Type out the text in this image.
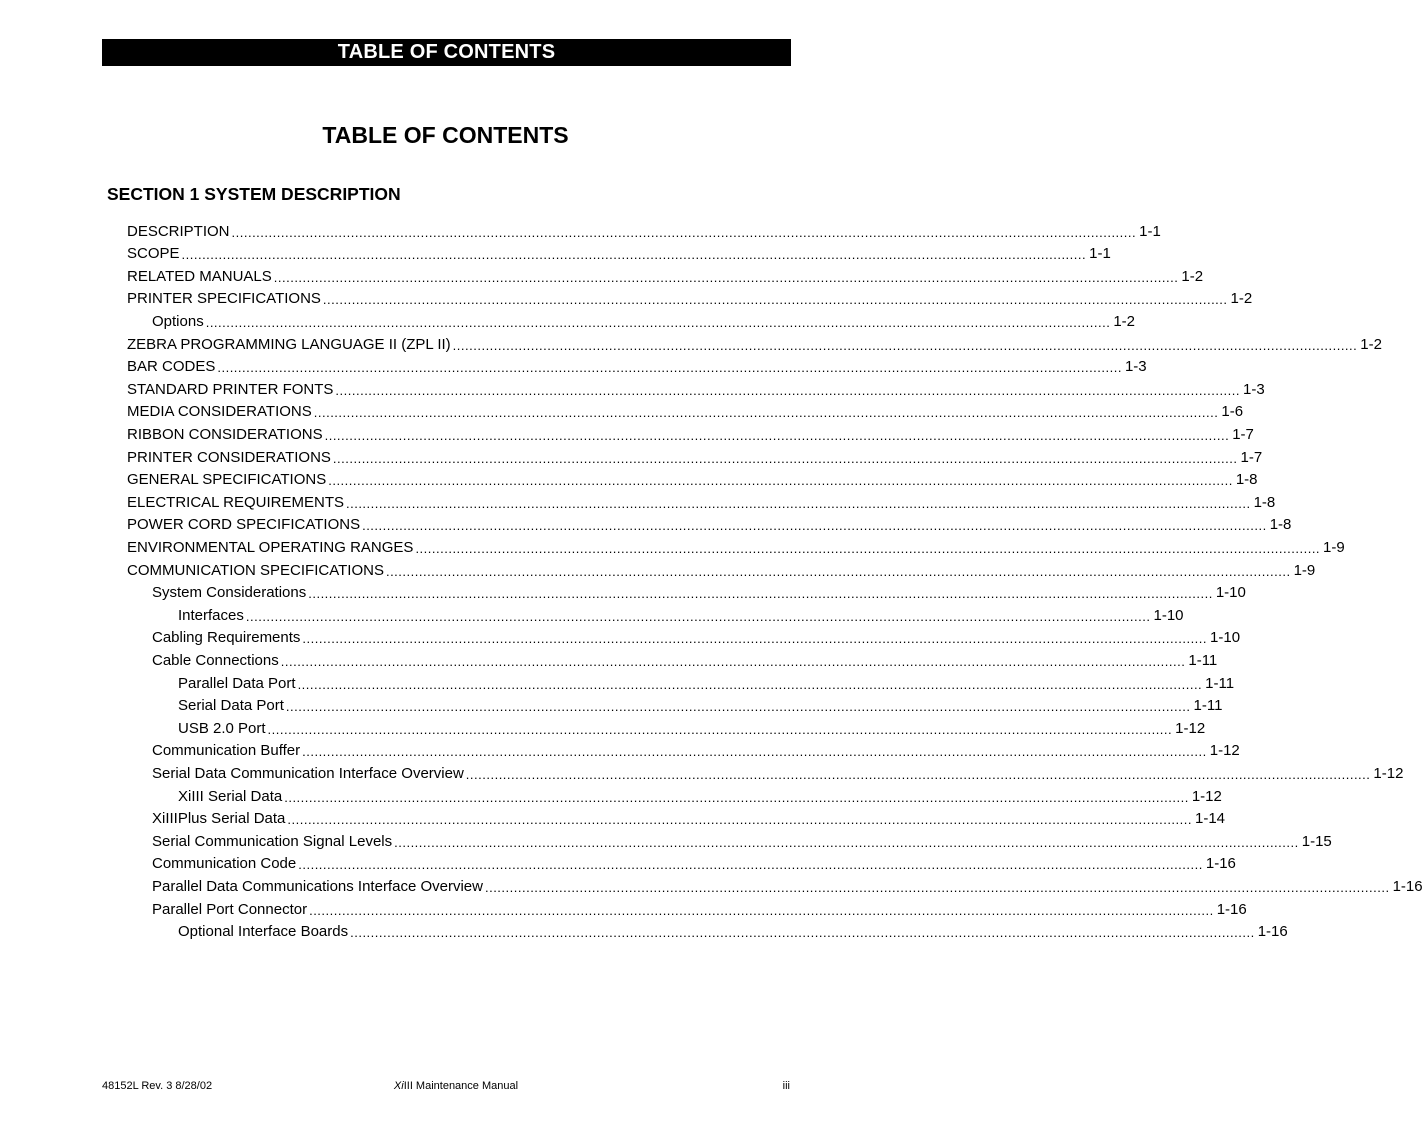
TABLE OF CONTENTS
TABLE OF CONTENTS
SECTION 1 SYSTEM DESCRIPTION
DESCRIPTION ............................................................................................................................................................................................................................ 1-1
SCOPE ............................................................................................................................................................................................................................ 1-1
RELATED MANUALS ............................................................................................................................................................................................................................ 1-2
PRINTER SPECIFICATIONS ............................................................................................................................................................................................................................ 1-2
Options ............................................................................................................................................................................................................................ 1-2
ZEBRA PROGRAMMING LANGUAGE II (ZPL II) ............................................................................................................................................................................................................................ 1-2
BAR CODES ............................................................................................................................................................................................................................ 1-3
STANDARD PRINTER FONTS ............................................................................................................................................................................................................................ 1-3
MEDIA CONSIDERATIONS ............................................................................................................................................................................................................................ 1-6
RIBBON CONSIDERATIONS ............................................................................................................................................................................................................................ 1-7
PRINTER CONSIDERATIONS ............................................................................................................................................................................................................................ 1-7
GENERAL SPECIFICATIONS ............................................................................................................................................................................................................................ 1-8
ELECTRICAL REQUIREMENTS ............................................................................................................................................................................................................................ 1-8
POWER CORD SPECIFICATIONS ............................................................................................................................................................................................................................ 1-8
ENVIRONMENTAL OPERATING RANGES ............................................................................................................................................................................................................................ 1-9
COMMUNICATION SPECIFICATIONS ............................................................................................................................................................................................................................ 1-9
System Considerations ............................................................................................................................................................................................................................ 1-10
Interfaces ............................................................................................................................................................................................................................ 1-10
Cabling Requirements ............................................................................................................................................................................................................................ 1-10
Cable Connections ............................................................................................................................................................................................................................ 1-11
Parallel Data Port ............................................................................................................................................................................................................................ 1-11
Serial Data Port ............................................................................................................................................................................................................................ 1-11
USB 2.0 Port ............................................................................................................................................................................................................................ 1-12
Communication Buffer ............................................................................................................................................................................................................................ 1-12
Serial Data Communication Interface Overview ............................................................................................................................................................................................................................ 1-12
XiIII Serial Data ............................................................................................................................................................................................................................ 1-12
XiIIIPlus Serial Data ............................................................................................................................................................................................................................ 1-14
Serial Communication Signal Levels ............................................................................................................................................................................................................................ 1-15
Communication Code ............................................................................................................................................................................................................................ 1-16
Parallel Data Communications Interface Overview ............................................................................................................................................................................................................................ 1-16
Parallel Port Connector ............................................................................................................................................................................................................................ 1-16
Optional Interface Boards ............................................................................................................................................................................................................................ 1-16
48152L Rev. 3 8/28/02	XiIII Maintenance Manual	iii
